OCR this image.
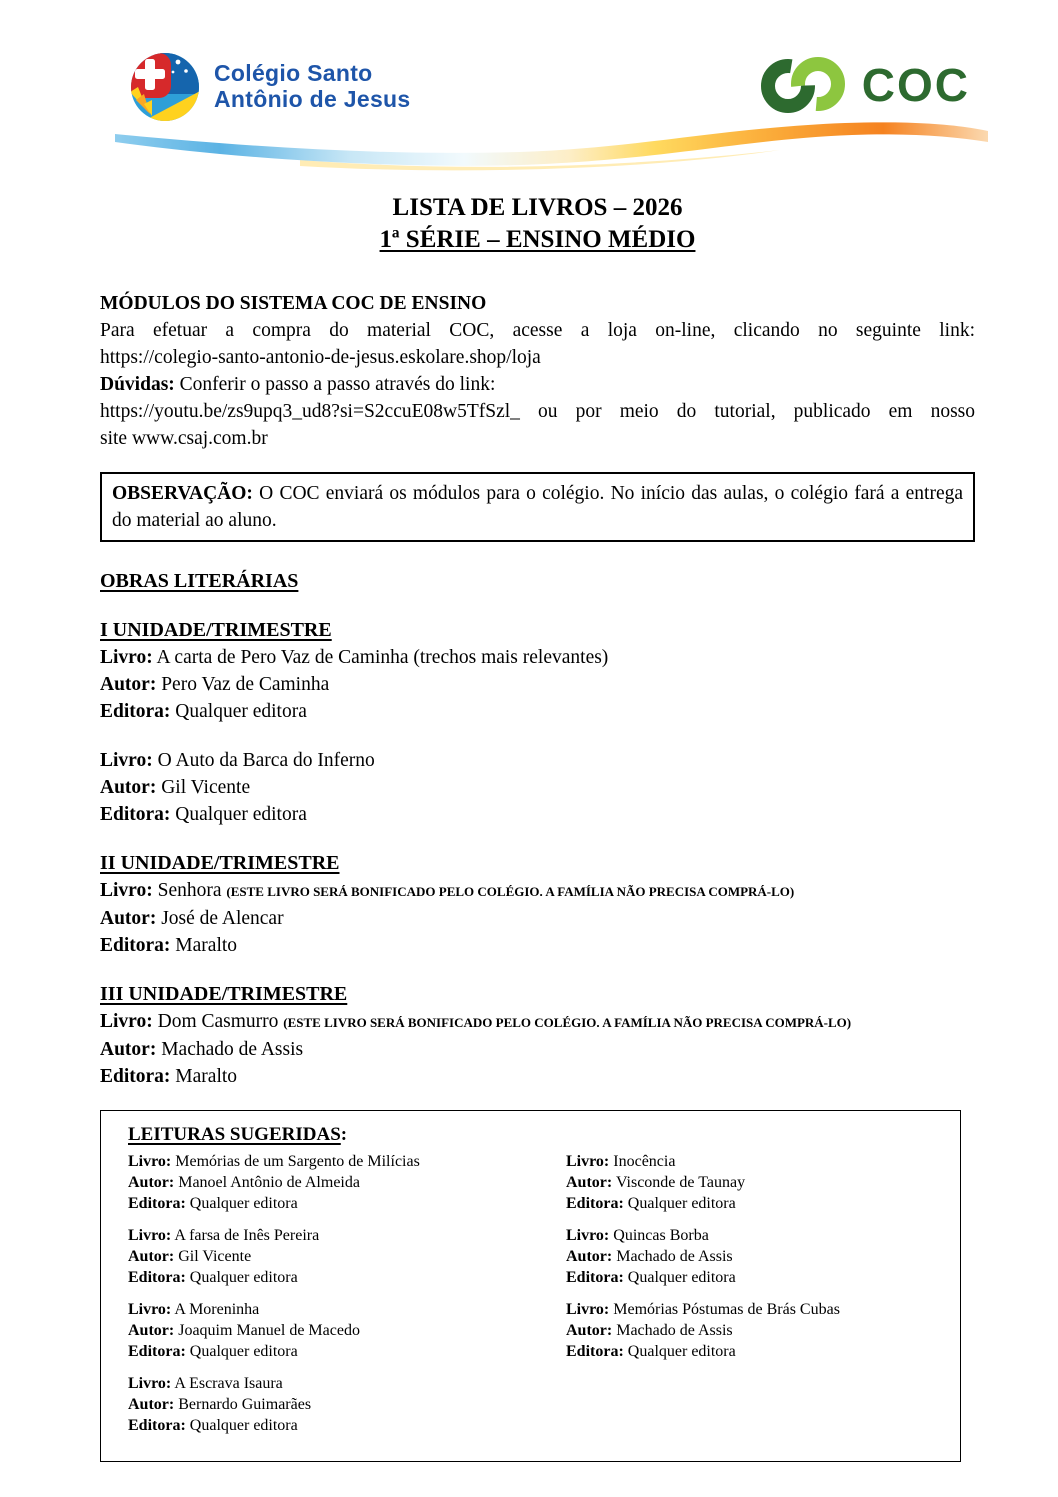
Colégio Santo
Antônio de Jesus	COC
LISTA DE LIVROS – 2026
1ª SÉRIE – ENSINO MÉDIO
MÓDULOS DO SISTEMA COC DE ENSINO
Para efetuar a compra do material COC, acesse a loja on-line, clicando no seguinte link:
https://colegio-santo-antonio-de-jesus.eskolare.shop/loja
Dúvidas: Conferir o passo a passo através do link:
https://youtu.be/zs9upq3_ud8?si=S2ccuE08w5TfSzl_ ou por meio do tutorial, publicado em nosso
site www.csaj.com.br
OBSERVAÇÃO: O COC enviará os módulos para o colégio. No início das aulas, o colégio fará a entrega do material ao aluno.
OBRAS LITERÁRIAS
I UNIDADE/TRIMESTRE
Livro: A carta de Pero Vaz de Caminha (trechos mais relevantes)
Autor: Pero Vaz de Caminha
Editora: Qualquer editora
Livro: O Auto da Barca do Inferno
Autor: Gil Vicente
Editora: Qualquer editora
II UNIDADE/TRIMESTRE
Livro: Senhora (ESTE LIVRO SERÁ BONIFICADO PELO COLÉGIO. A FAMÍLIA NÃO PRECISA COMPRÁ-LO)
Autor: José de Alencar
Editora: Maralto
III UNIDADE/TRIMESTRE
Livro: Dom Casmurro (ESTE LIVRO SERÁ BONIFICADO PELO COLÉGIO. A FAMÍLIA NÃO PRECISA COMPRÁ-LO)
Autor: Machado de Assis
Editora: Maralto
LEITURAS SUGERIDAS:
Livro: Memórias de um Sargento de Milícias
Autor: Manoel Antônio de Almeida
Editora: Qualquer editora
Livro: A farsa de Inês Pereira
Autor: Gil Vicente
Editora: Qualquer editora
Livro: A Moreninha
Autor: Joaquim Manuel de Macedo
Editora: Qualquer editora
Livro: A Escrava Isaura
Autor: Bernardo Guimarães
Editora: Qualquer editora
Livro: Inocência
Autor: Visconde de Taunay
Editora: Qualquer editora
Livro: Quincas Borba
Autor: Machado de Assis
Editora: Qualquer editora
Livro: Memórias Póstumas de Brás Cubas
Autor: Machado de Assis
Editora: Qualquer editora
